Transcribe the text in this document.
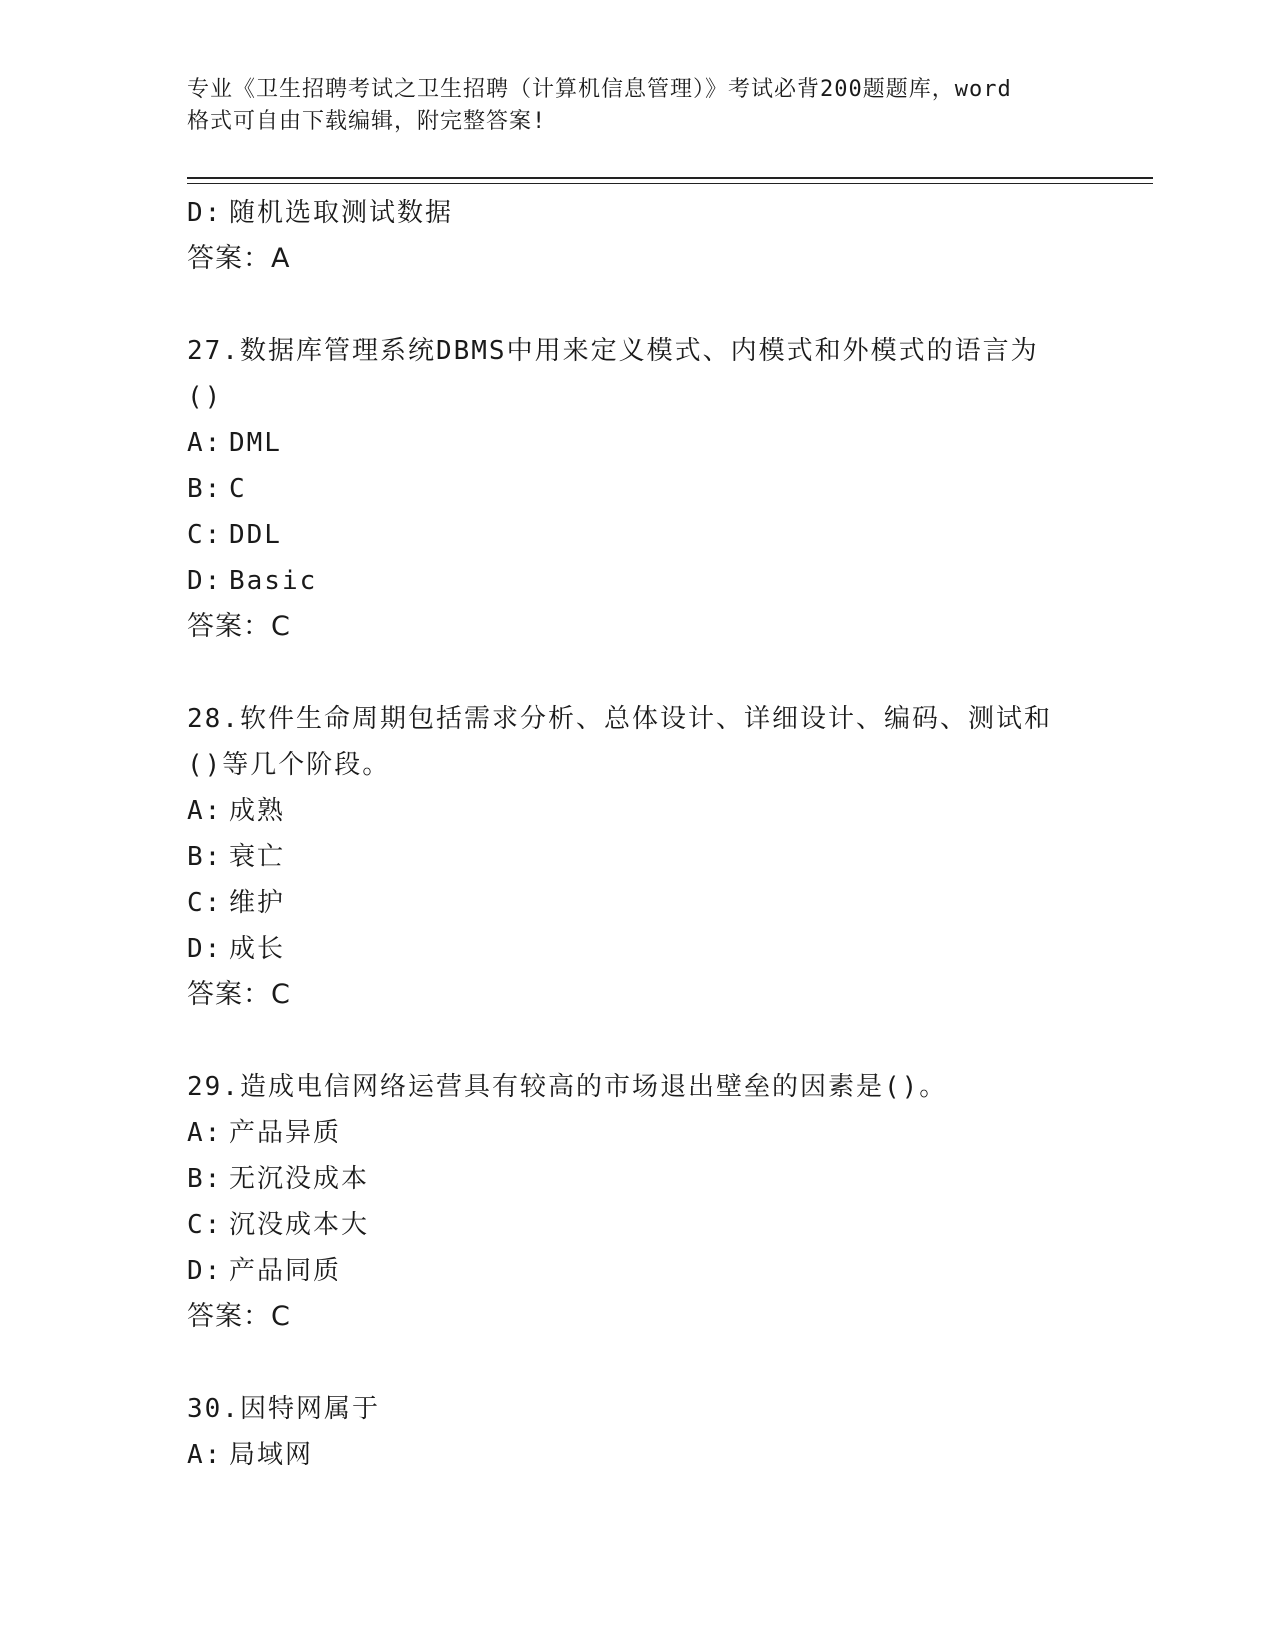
专业《卫生招聘考试之卫生招聘（计算机信息管理）》考试必背200题题库，word
格式可自由下载编辑，附完整答案!
D: 随机选取测试数据
答案：A
27.数据库管理系统DBMS中用来定义模式、内模式和外模式的语言为
()
A: DML
B: C
C: DDL
D: Basic
答案：C
28.软件生命周期包括需求分析、总体设计、详细设计、编码、测试和
()等几个阶段。
A: 成熟
B: 衰亡
C: 维护
D: 成长
答案：C
29.造成电信网络运营具有较高的市场退出壁垒的因素是()。
A: 产品异质
B: 无沉没成本
C: 沉没成本大
D: 产品同质
答案：C
30.因特网属于
A: 局域网
